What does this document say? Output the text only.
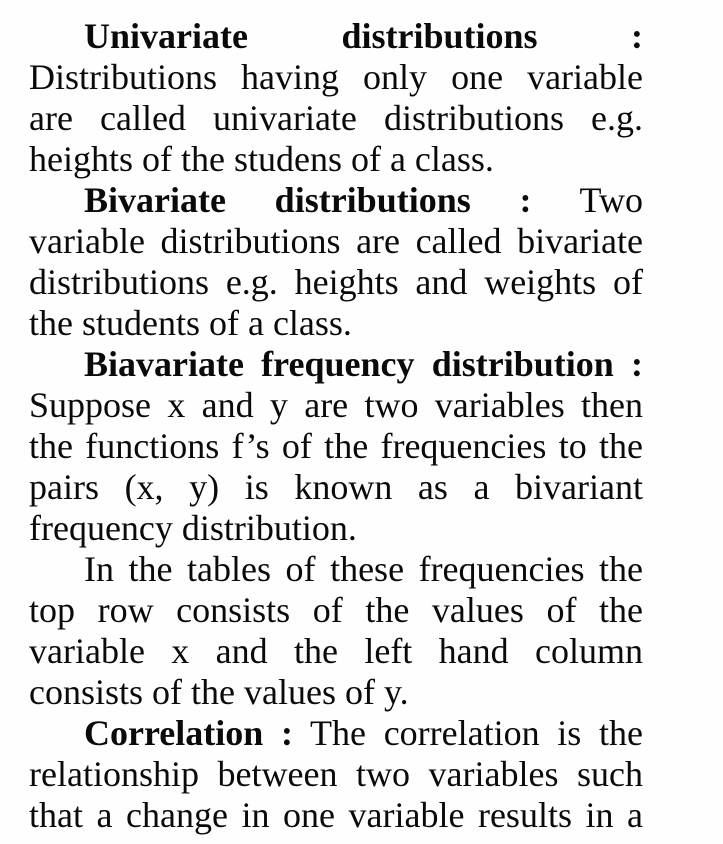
Univariate distributions :
Distributions having only one variable
are called univariate distributions e.g.
heights of the studens of a class.
Bivariate distributions : Two
variable distributions are called bivariate
distributions e.g. heights and weights of
the students of a class.
Biavariate frequency distribution :
Suppose x and y are two variables then
the functions f’s of the frequencies to the
pairs (x, y) is known as a bivariant
frequency distribution.
In the tables of these frequencies the
top row consists of the values of the
variable x and the left hand column
consists of the values of y.
Correlation : The correlation is the
relationship between two variables such
that a change in one variable results in a
